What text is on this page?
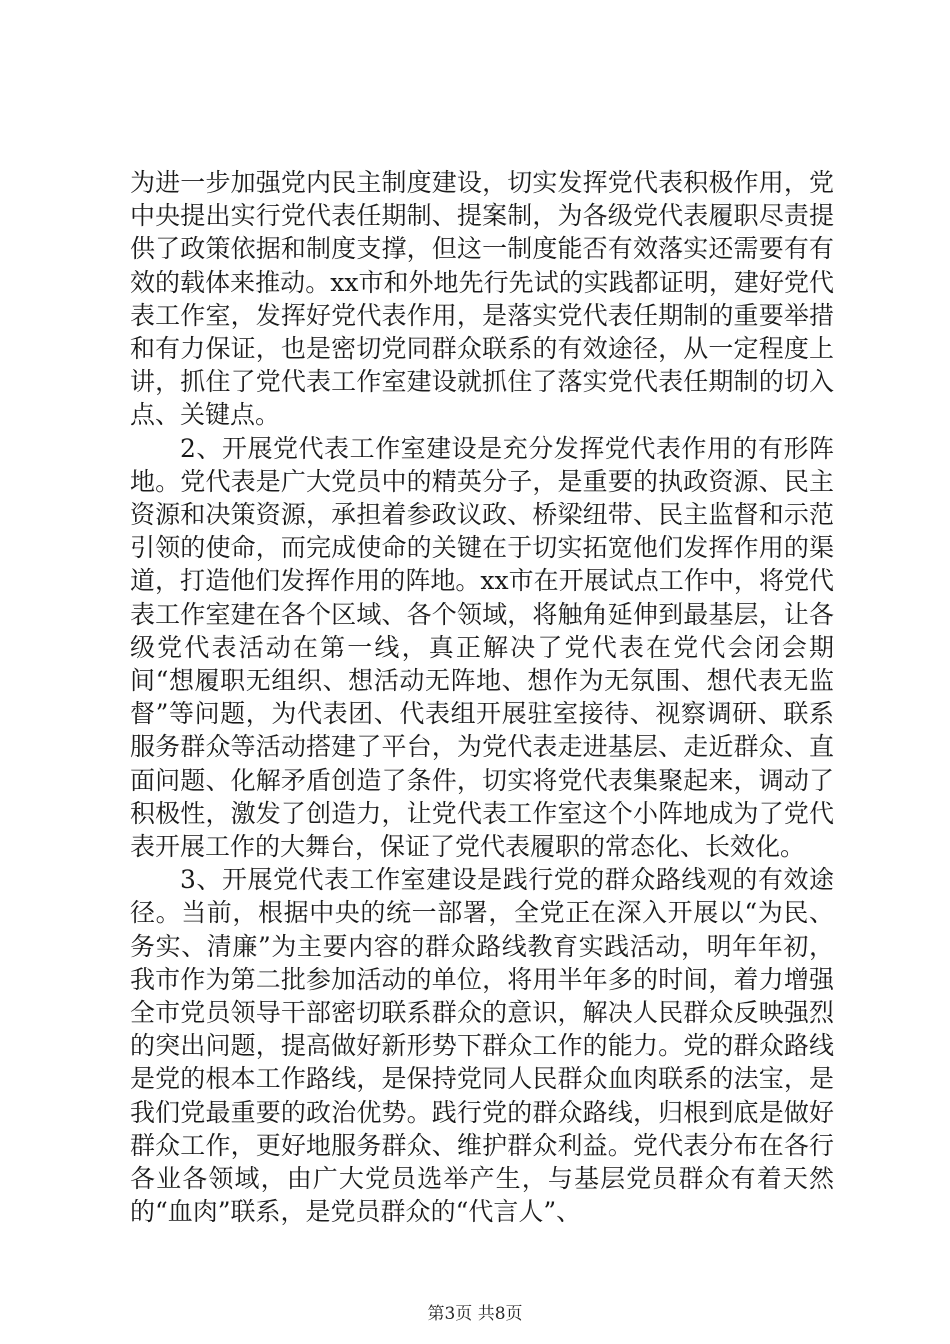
为进一步加强党内民主制度建设，切实发挥党代表积极作用，党中央提出实行党代表任期制、提案制，为各级党代表履职尽责提供了政策依据和制度支撑，但这一制度能否有效落实还需要有有效的载体来推动。xx市和外地先行先试的实践都证明，建好党代表工作室，发挥好党代表作用，是落实党代表任期制的重要举措和有力保证，也是密切党同群众联系的有效途径，从一定程度上讲，抓住了党代表工作室建设就抓住了落实党代表任期制的切入点、关键点。

2、开展党代表工作室建设是充分发挥党代表作用的有形阵地。党代表是广大党员中的精英分子，是重要的执政资源、民主资源和决策资源，承担着参政议政、桥梁纽带、民主监督和示范引领的使命，而完成使命的关键在于切实拓宽他们发挥作用的渠道，打造他们发挥作用的阵地。xx市在开展试点工作中，将党代表工作室建在各个区域、各个领域，将触角延伸到最基层，让各级党代表活动在第一线，真正解决了党代表在党代会闭会期间“想履职无组织、想活动无阵地、想作为无氛围、想代表无监督”等问题，为代表团、代表组开展驻室接待、视察调研、联系服务群众等活动搭建了平台，为党代表走进基层、走近群众、直面问题、化解矛盾创造了条件，切实将党代表集聚起来，调动了积极性，激发了创造力，让党代表工作室这个小阵地成为了党代表开展工作的大舞台，保证了党代表履职的常态化、长效化。

3、开展党代表工作室建设是践行党的群众路线观的有效途径。当前，根据中央的统一部署，全党正在深入开展以“为民、务实、清廉”为主要内容的群众路线教育实践活动，明年年初，我市作为第二批参加活动的单位，将用半年多的时间，着力增强全市党员领导干部密切联系群众的意识，解决人民群众反映强烈的突出问题，提高做好新形势下群众工作的能力。党的群众路线是党的根本工作路线，是保持党同人民群众血肉联系的法宝，是我们党最重要的政治优势。践行党的群众路线，归根到底是做好群众工作，更好地服务群众、维护群众利益。党代表分布在各行各业各领域，由广大党员选举产生，与基层党员群众有着天然的“血肉”联系，是党员群众的“代言人”、

第3页 共8页
